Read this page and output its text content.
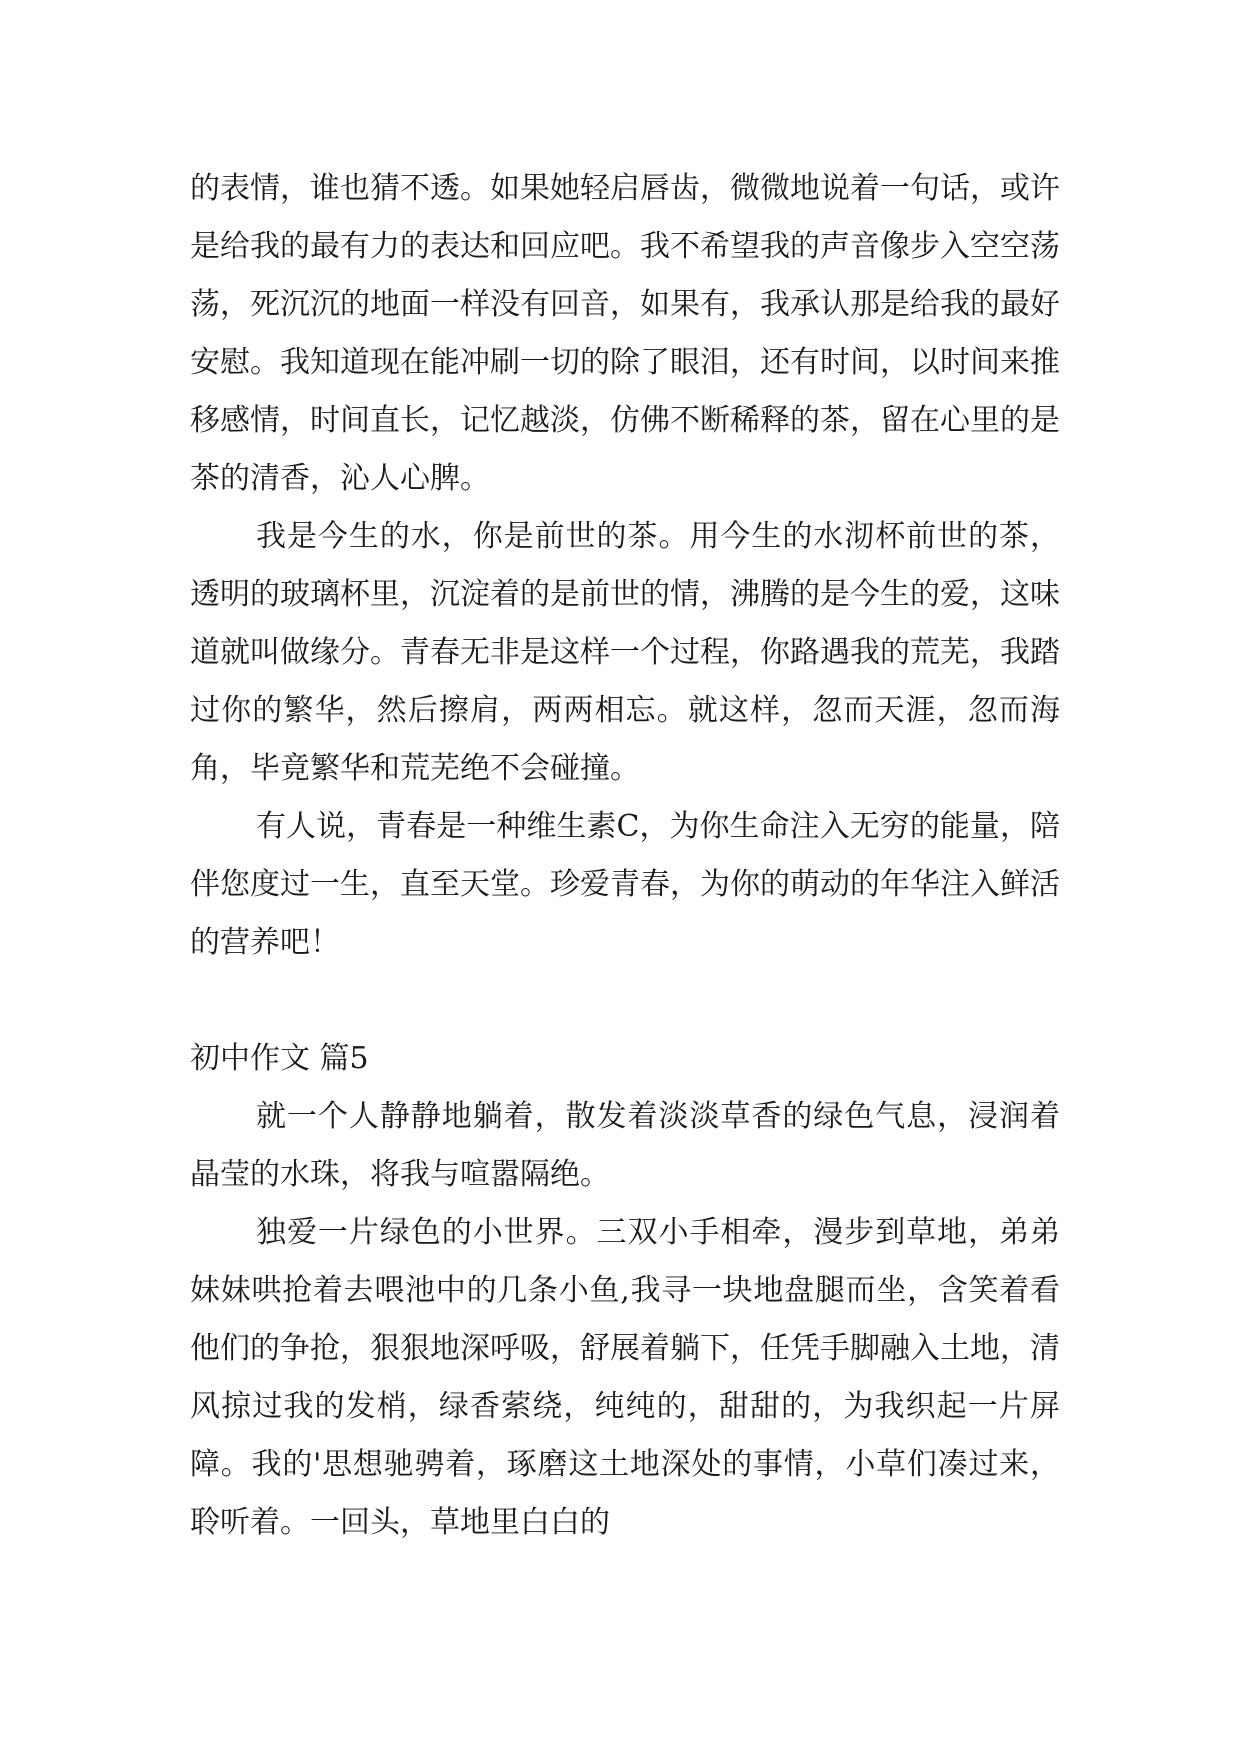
的表情，谁也猜不透。如果她轻启唇齿，微微地说着一句话，或许是给我的最有力的表达和回应吧。我不希望我的声音像步入空空荡荡，死沉沉的地面一样没有回音，如果有，我承认那是给我的最好安慰。我知道现在能冲刷一切的除了眼泪，还有时间，以时间来推移感情，时间直长，记忆越淡，仿佛不断稀释的茶，留在心里的是茶的清香，沁人心脾。

我是今生的水，你是前世的茶。用今生的水沏杯前世的茶，透明的玻璃杯里，沉淀着的是前世的情，沸腾的是今生的爱，这味道就叫做缘分。青春无非是这样一个过程，你路遇我的荒芜，我踏过你的繁华，然后擦肩，两两相忘。就这样，忽而天涯，忽而海角，毕竟繁华和荒芜绝不会碰撞。

有人说，青春是一种维生素C，为你生命注入无穷的能量，陪伴您度过一生，直至天堂。珍爱青春，为你的萌动的年华注入鲜活的营养吧！

初中作文 篇5

就一个人静静地躺着，散发着淡淡草香的绿色气息，浸润着晶莹的水珠，将我与喧嚣隔绝。

独爱一片绿色的小世界。三双小手相牵，漫步到草地，弟弟妹妹哄抢着去喂池中的几条小鱼,我寻一块地盘腿而坐，含笑着看他们的争抢，狠狠地深呼吸，舒展着躺下，任凭手脚融入土地，清风掠过我的发梢，绿香萦绕，纯纯的，甜甜的，为我织起一片屏障。我的'思想驰骋着，琢磨这土地深处的事情，小草们凑过来，聆听着。一回头，草地里白白的
